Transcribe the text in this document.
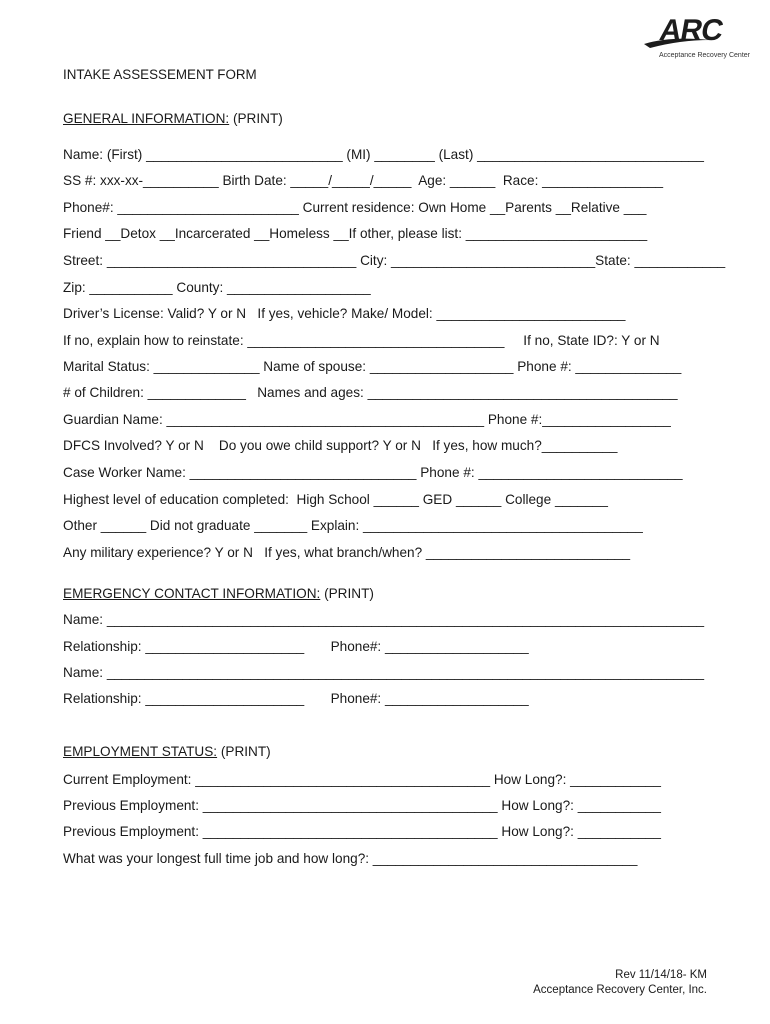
ARC
Acceptance Recovery Center
INTAKE ASSESSEMENT FORM
GENERAL INFORMATION: (PRINT)
Name: (First) __________________________ (MI) ________ (Last) ______________________________
SS #: xxx-xx-__________ Birth Date: _____/_____/_____  Age: ______  Race: ________________
Phone#: ________________________ Current residence: Own Home __Parents __Relative ___
Friend __Detox __Incarcerated __Homeless __If other, please list: ________________________
Street: _________________________________ City: ___________________________State: ____________
Zip: ___________ County: ___________________
Driver’s License: Valid? Y or N   If yes, vehicle? Make/ Model: _________________________
If no, explain how to reinstate: __________________________________     If no, State ID?: Y or N
Marital Status: ______________ Name of spouse: ___________________ Phone #: ______________
# of Children: _____________   Names and ages: _________________________________________
Guardian Name: __________________________________________ Phone #:_________________
DFCS Involved? Y or N    Do you owe child support? Y or N   If yes, how much?__________
Case Worker Name: ______________________________ Phone #: ___________________________
Highest level of education completed:  High School ______ GED ______ College _______
Other ______ Did not graduate _______ Explain: _____________________________________
Any military experience? Y or N   If yes, what branch/when? ___________________________
EMERGENCY CONTACT INFORMATION: (PRINT)
Name: _______________________________________________________________________________
Relationship: _____________________       Phone#: ___________________
Name: _______________________________________________________________________________
Relationship: _____________________       Phone#: ___________________
EMPLOYMENT STATUS: (PRINT)
Current Employment: _______________________________________ How Long?: ____________
Previous Employment: _______________________________________ How Long?: ___________
Previous Employment: _______________________________________ How Long?: ___________
What was your longest full time job and how long?: ___________________________________
Rev 11/14/18- KM
Acceptance Recovery Center, Inc.
